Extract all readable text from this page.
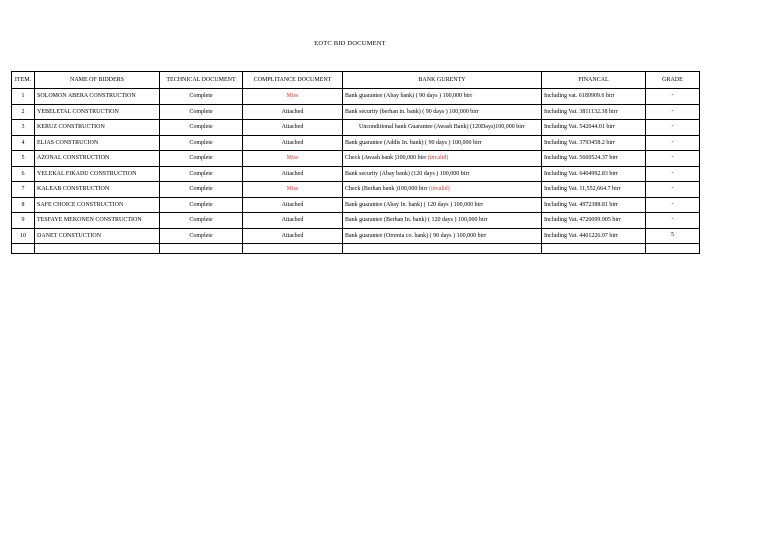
EOTC BID DOCUMENT
ITEM.	NAME OF BIDDERS	TECHNICAL DOCUMENT	COMPLITANCE DOCUMENT	BANK GURENTY	FINANCAL	GRADE
1	SOLOMON ABERA CONSTRUCTION	Complete	Miss	Bank guarantee (Abay bank) ( 90 days ) 100,000 birr	Including vat. 6189909.6 birr	-
2	YEBELETAL CONSTRUCTION	Complete	Attached	Bank security (berhan in. bank) ( 90 days ) 100,000 birr	Including Vat. 3811132.38 birr	-
3	KERUZ CONSTRUCTION	Complete	Attached	Unconditional bank Guarantee (Awash Bank) (120Days)100,000 birr	Including Vat. 542044.01 birr	-
4	ELIAS CONSTRUCION	Complete	Attached	Bank guarantee (Addis In. bank) ( 90 days ) 100,000 birr	Including Vat. 3793458.2 birr	-
5	AZONAL CONSTRUCTION	Complete	Miss	Check (Awash bank )100,000 birr (invalid)	Including Vat. 5660524.37 birr	-
6	YELEKAL FIKADU CONSTRUCTION	Complete	Attached	Bank security (Abay bank) (120 days ) 100,000 birr	Including Vat. 6404992.83 birr	-
7	KALEAB CONSTRUCTION	Complete	Miss	Check (Berhan bank )100,000 birr (invalid)	Including Vat. 11,552,664.7 birr	-
8	SAFE CHOICE CONSTRUCTION	Complete	Attached	Bank guarantee (Abay In. bank) ( 120 days ) 100,000 birr	Including Vat. 4972388.81 birr	-
9	TESFAYE MEKONEN CONSTRUCTION	Complete	Attached	Bank guarantee (Berhan In. bank) ( 120 days ) 100,000 birr	Including Vat. 4720099.905 birr	-
10	DANET CONSTUCTION	Complete	Attached	Bank guarantee (Oromia co. bank) ( 90 days ) 100,000 birr	Including Vat. 4401226.97 birr	5
